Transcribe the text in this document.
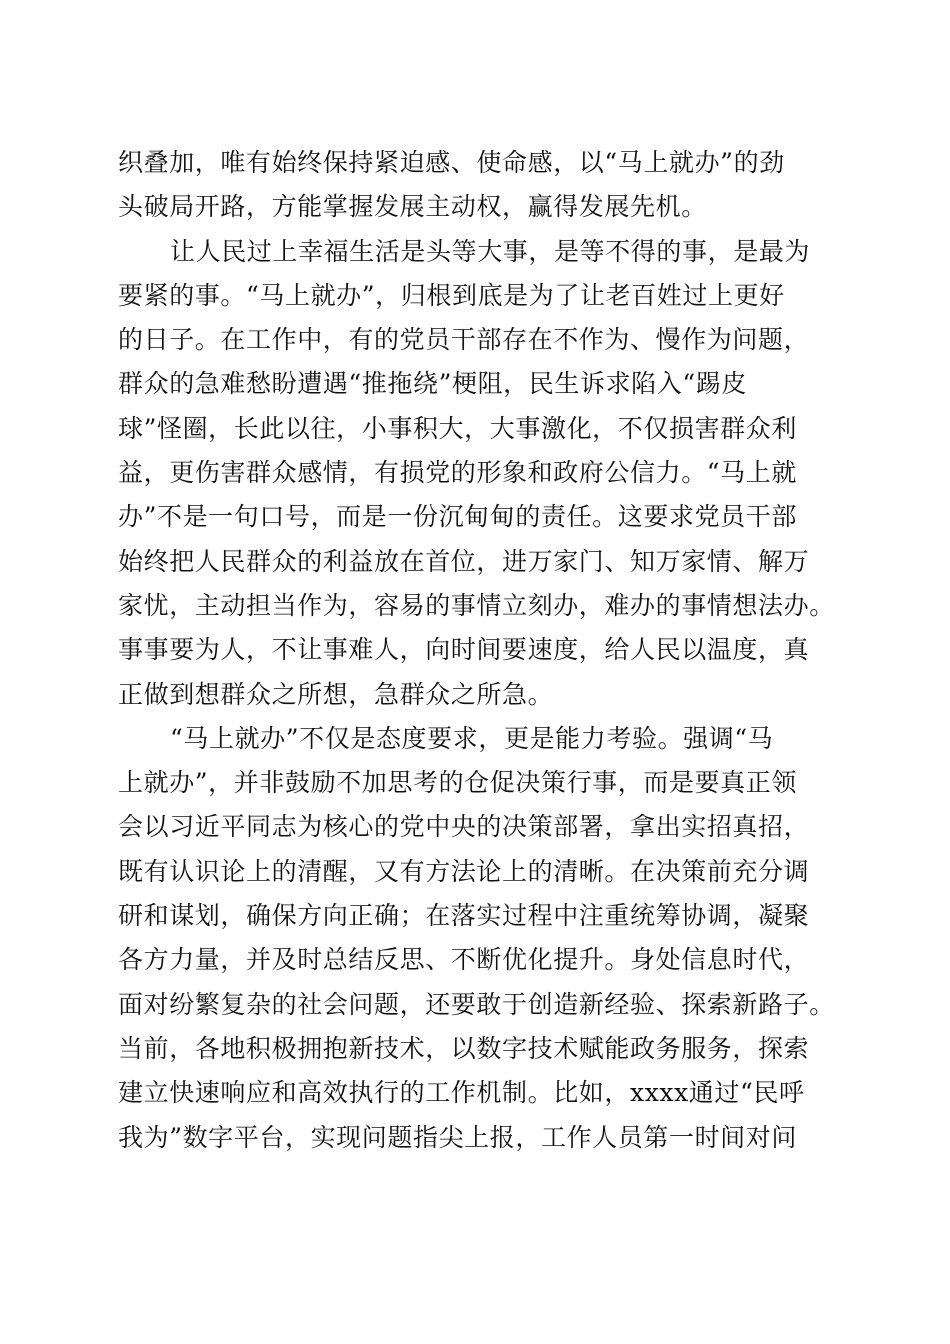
织叠加，唯有始终保持紧迫感、使命感，以“马上就办”的劲
头破局开路，方能掌握发展主动权，赢得发展先机。
让人民过上幸福生活是头等大事，是等不得的事，是最为
要紧的事。“马上就办”，归根到底是为了让老百姓过上更好
的日子。在工作中，有的党员干部存在不作为、慢作为问题，
群众的急难愁盼遭遇“推拖绕”梗阻，民生诉求陷入“踢皮
球”怪圈，长此以往，小事积大，大事激化，不仅损害群众利
益，更伤害群众感情，有损党的形象和政府公信力。“马上就
办”不是一句口号，而是一份沉甸甸的责任。这要求党员干部
始终把人民群众的利益放在首位，进万家门、知万家情、解万
家忧，主动担当作为，容易的事情立刻办，难办的事情想法办。
事事要为人，不让事难人，向时间要速度，给人民以温度，真
正做到想群众之所想，急群众之所急。
“马上就办”不仅是态度要求，更是能力考验。强调“马
上就办”，并非鼓励不加思考的仓促决策行事，而是要真正领
会以习近平同志为核心的党中央的决策部署，拿出实招真招，
既有认识论上的清醒，又有方法论上的清晰。在决策前充分调
研和谋划，确保方向正确；在落实过程中注重统筹协调，凝聚
各方力量，并及时总结反思、不断优化提升。身处信息时代，
面对纷繁复杂的社会问题，还要敢于创造新经验、探索新路子。
当前，各地积极拥抱新技术，以数字技术赋能政务服务，探索
建立快速响应和高效执行的工作机制。比如，xxxx通过“民呼
我为”数字平台，实现问题指尖上报，工作人员第一时间对问
